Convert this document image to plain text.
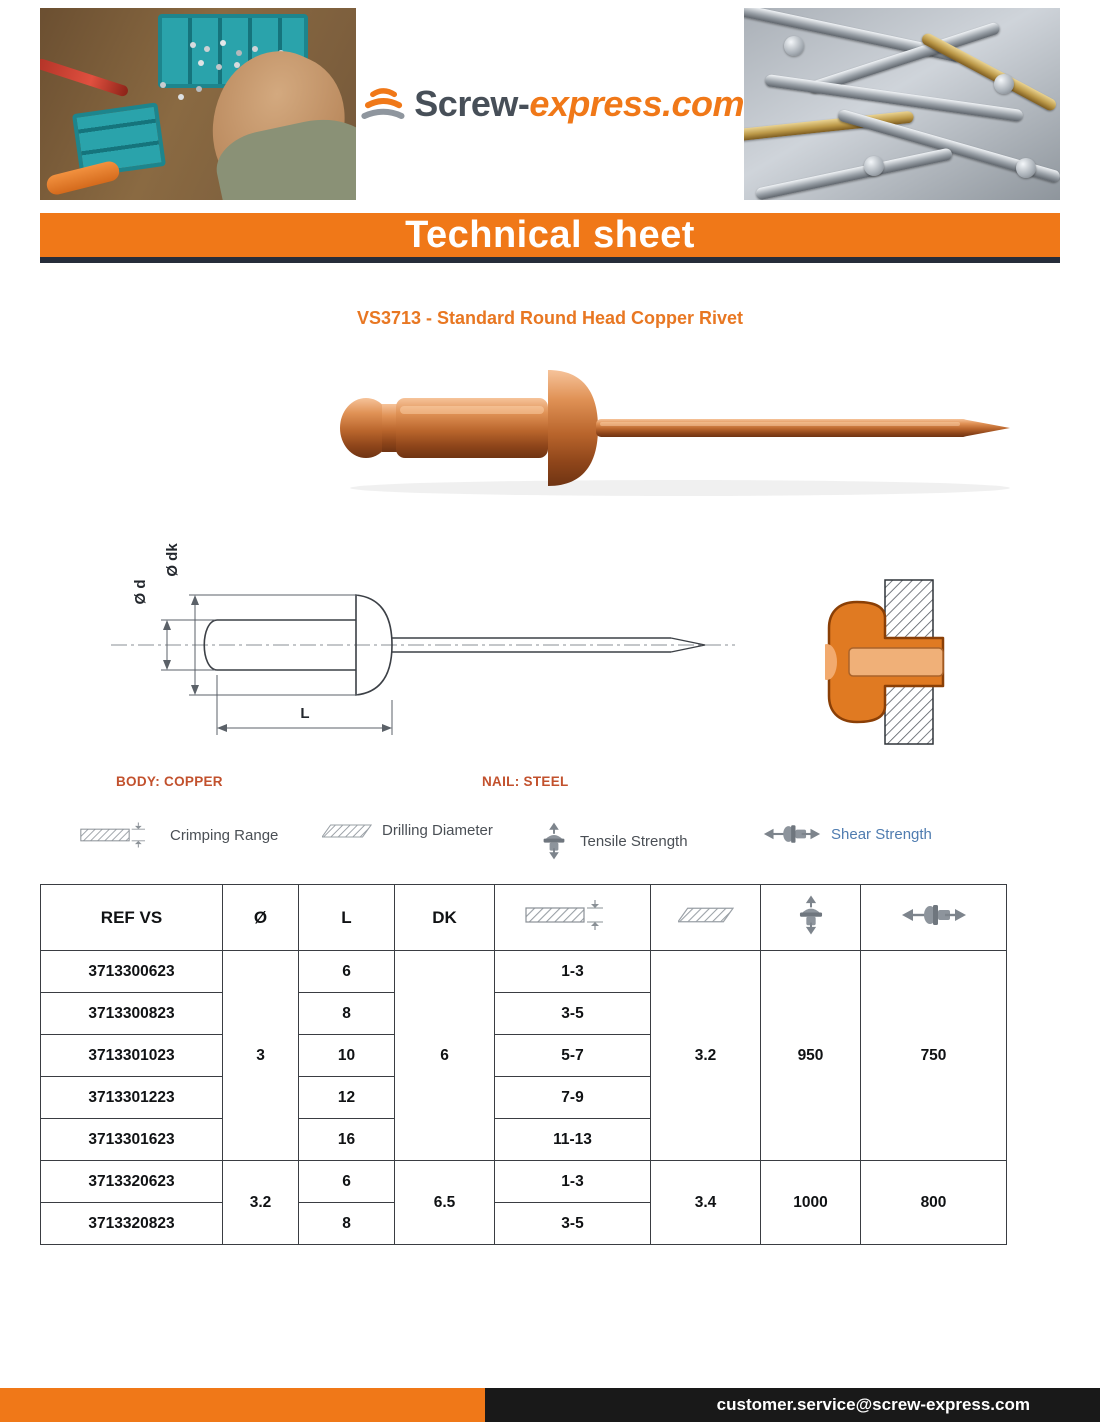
Screw-express.com
Technical sheet
VS3713 - Standard Round Head Copper Rivet
Ø d
Ø dk
L
BODY: COPPER	NAIL: STEEL
Crimping Range	Drilling Diameter
Tensile Strength	Shear Strength
REF VS	Ø	L	DK				
3713300623	3	6	6	1-3	3.2	950	750
3713300823		8		3-5			
3713301023		10		5-7			
3713301223		12		7-9			
3713301623		16		11-13			
3713320623	3.2	6	6.5	1-3	3.4	1000	800
3713320823		8		3-5			
customer.service@screw-express.com
